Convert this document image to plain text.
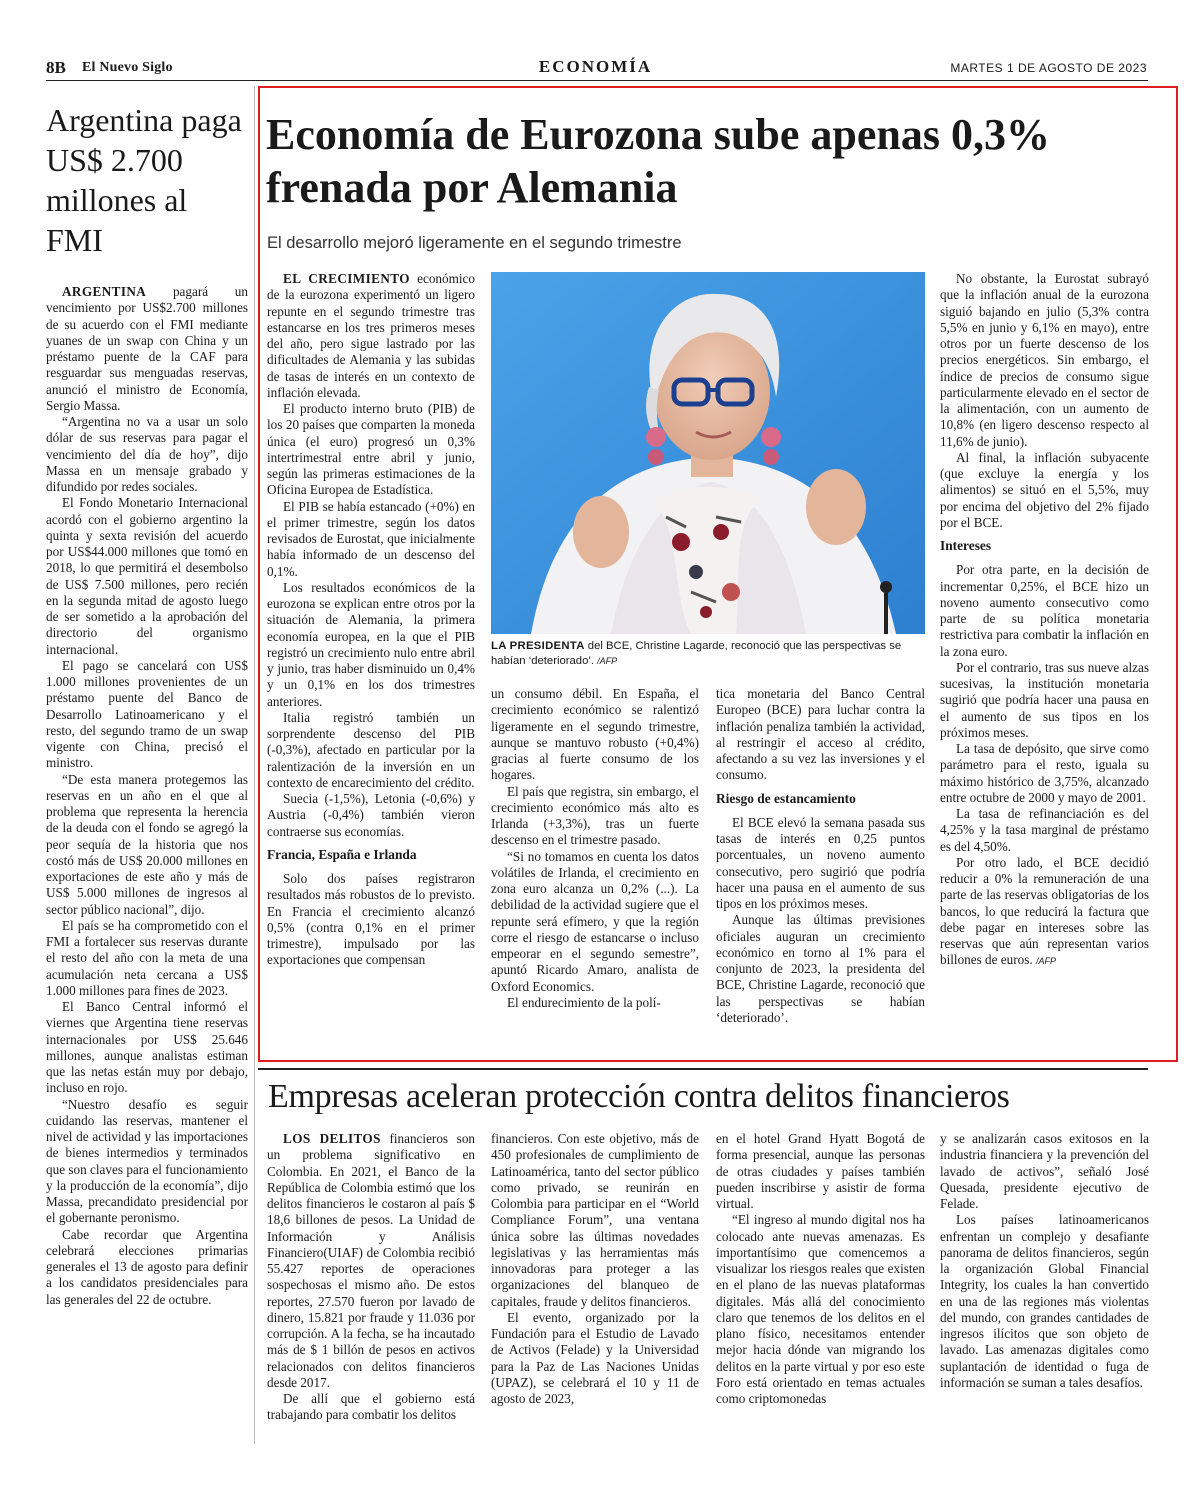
8B El Nuevo Siglo	ECONOMÍA	MARTES 1 DE AGOSTO DE 2023
Argentina paga US$ 2.700 millones al FMI

ARGENTINA pagará un vencimiento por US$2.700 millones de su acuerdo con el FMI mediante yuanes de un swap con China y un préstamo puente de la CAF para resguardar sus menguadas reservas, anunció el ministro de Economía, Sergio Massa.

“Argentina no va a usar un solo dólar de sus reservas para pagar el vencimiento del día de hoy”, dijo Massa en un mensaje grabado y difundido por redes sociales.

El Fondo Monetario Internacional acordó con el gobierno argentino la quinta y sexta revisión del acuerdo por US$44.000 millones que tomó en 2018, lo que permitirá el desembolso de US$ 7.500 millones, pero recién en la segunda mitad de agosto luego de ser sometido a la aprobación del directorio del organismo internacional.

El pago se cancelará con US$ 1.000 millones provenientes de un préstamo puente del Banco de Desarrollo Latinoamericano y el resto, del segundo tramo de un swap vigente con China, precisó el ministro.

“De esta manera protegemos las reservas en un año en el que al problema que representa la herencia de la deuda con el fondo se agregó la peor sequía de la historia que nos costó más de US$ 20.000 millones en exportaciones de este año y más de US$ 5.000 millones de ingresos al sector público nacional”, dijo.

El país se ha comprometido con el FMI a fortalecer sus reservas durante el resto del año con la meta de una acumulación neta cercana a US$ 1.000 millones para fines de 2023.

El Banco Central informó el viernes que Argentina tiene reservas internacionales por US$ 25.646 millones, aunque analistas estiman que las netas están muy por debajo, incluso en rojo.

“Nuestro desafío es seguir cuidando las reservas, mantener el nivel de actividad y las importaciones de bienes intermedios y terminados que son claves para el funcionamiento y la producción de la economía”, dijo Massa, precandidato presidencial por el gobernante peronismo.

Cabe recordar que Argentina celebrará elecciones primarias generales el 13 de agosto para definir a los candidatos presidenciales para las generales del 22 de octubre.

Economía de Eurozona sube apenas 0,3% frenada por Alemania
El desarrollo mejoró ligeramente en el segundo trimestre
LA PRESIDENTA del BCE, Christine Lagarde, reconoció que las perspectivas se habían ‘deteriorado’. /AFP

EL CRECIMIENTO económico de la eurozona experimentó un ligero repunte en el segundo trimestre tras estancarse en los tres primeros meses del año, pero sigue lastrado por las dificultades de Alemania y las subidas de tasas de interés en un contexto de inflación elevada.

El producto interno bruto (PIB) de los 20 países que comparten la moneda única (el euro) progresó un 0,3% intertrimestral entre abril y junio, según las primeras estimaciones de la Oficina Europea de Estadística.

El PIB se había estancado (+0%) en el primer trimestre, según los datos revisados de Eurostat, que inicialmente había informado de un descenso del 0,1%.

Los resultados económicos de la eurozona se explican entre otros por la situación de Alemania, la primera economía europea, en la que el PIB registró un crecimiento nulo entre abril y junio, tras haber disminuido un 0,4% y un 0,1% en los dos trimestres anteriores.

Italia registró también un sorprendente descenso del PIB (-0,3%), afectado en particular por la ralentización de la inversión en un contexto de encarecimiento del crédito.

Suecia (-1,5%), Letonia (-0,6%) y Austria (-0,4%) también vieron contraerse sus economías.

Francia, España e Irlanda

Solo dos países registraron resultados más robustos de lo previsto. En Francia el crecimiento alcanzó 0,5% (contra 0,1% en el primer trimestre), impulsado por las exportaciones que compensan

un consumo débil. En España, el crecimiento económico se ralentizó ligeramente en el segundo trimestre, aunque se mantuvo robusto (+0,4%) gracias al fuerte consumo de los hogares.

El país que registra, sin embargo, el crecimiento económico más alto es Irlanda (+3,3%), tras un fuerte descenso en el trimestre pasado.

“Si no tomamos en cuenta los datos volátiles de Irlanda, el crecimiento en zona euro alcanza un 0,2% (...). La debilidad de la actividad sugiere que el repunte será efímero, y que la región corre el riesgo de estancarse o incluso empeorar en el segundo semestre”, apuntó Ricardo Amaro, analista de Oxford Economics.

El endurecimiento de la polí-

tica monetaria del Banco Central Europeo (BCE) para luchar contra la inflación penaliza también la actividad, al restringir el acceso al crédito, afectando a su vez las inversiones y el consumo.

Riesgo de estancamiento

El BCE elevó la semana pasada sus tasas de interés en 0,25 puntos porcentuales, un noveno aumento consecutivo, pero sugirió que podría hacer una pausa en el aumento de sus tipos en los próximos meses.

Aunque las últimas previsiones oficiales auguran un crecimiento económico en torno al 1% para el conjunto de 2023, la presidenta del BCE, Christine Lagarde, reconoció que las perspectivas se habían ‘deteriorado’.

No obstante, la Eurostat subrayó que la inflación anual de la eurozona siguió bajando en julio (5,3% contra 5,5% en junio y 6,1% en mayo), entre otros por un fuerte descenso de los precios energéticos. Sin embargo, el índice de precios de consumo sigue particularmente elevado en el sector de la alimentación, con un aumento de 10,8% (en ligero descenso respecto al 11,6% de junio).

Al final, la inflación subyacente (que excluye la energía y los alimentos) se situó en el 5,5%, muy por encima del objetivo del 2% fijado por el BCE.

Intereses

Por otra parte, en la decisión de incrementar 0,25%, el BCE hizo un noveno aumento consecutivo como parte de su política monetaria restrictiva para combatir la inflación en la zona euro.

Por el contrario, tras sus nueve alzas sucesivas, la institución monetaria sugirió que podría hacer una pausa en el aumento de sus tipos en los próximos meses.

La tasa de depósito, que sirve como parámetro para el resto, iguala su máximo histórico de 3,75%, alcanzado entre octubre de 2000 y mayo de 2001.

La tasa de refinanciación es del 4,25% y la tasa marginal de préstamo es del 4,50%.

Por otro lado, el BCE decidió reducir a 0% la remuneración de una parte de las reservas obligatorias de los bancos, lo que reducirá la factura que debe pagar en intereses sobre las reservas que aún representan varios billones de euros. /AFP

Empresas aceleran protección contra delitos financieros

LOS DELITOS financieros son un problema significativo en Colombia. En 2021, el Banco de la República de Colombia estimó que los delitos financieros le costaron al país $ 18,6 billones de pesos. La Unidad de Información y Análisis Financiero(UIAF) de Colombia recibió 55.427 reportes de operaciones sospechosas el mismo año. De estos reportes, 27.570 fueron por lavado de dinero, 15.821 por fraude y 11.036 por corrupción. A la fecha, se ha incautado más de $ 1 billón de pesos en activos relacionados con delitos financieros desde 2017.

De allí que el gobierno está trabajando para combatir los delitos

financieros. Con este objetivo, más de 450 profesionales de cumplimiento de Latinoamérica, tanto del sector público como privado, se reunirán en Colombia para participar en el “World Compliance Forum”, una ventana única sobre las últimas novedades legislativas y las herramientas más innovadoras para proteger a las organizaciones del blanqueo de capitales, fraude y delitos financieros.

El evento, organizado por la Fundación para el Estudio de Lavado de Activos (Felade) y la Universidad para la Paz de Las Naciones Unidas (UPAZ), se celebrará el 10 y 11 de agosto de 2023,

en el hotel Grand Hyatt Bogotá de forma presencial, aunque las personas de otras ciudades y países también pueden inscribirse y asistir de forma virtual.

“El ingreso al mundo digital nos ha colocado ante nuevas amenazas. Es importantísimo que comencemos a visualizar los riesgos reales que existen en el plano de las nuevas plataformas digitales. Más allá del conocimiento claro que tenemos de los delitos en el plano físico, necesitamos entender mejor hacia dónde van migrando los delitos en la parte virtual y por eso este Foro está orientado en temas actuales como criptomonedas

y se analizarán casos exitosos en la industria financiera y la prevención del lavado de activos”, señaló José Quesada, presidente ejecutivo de Felade.

Los países latinoamericanos enfrentan un complejo y desafiante panorama de delitos financieros, según la organización Global Financial Integrity, los cuales la han convertido en una de las regiones más violentas del mundo, con grandes cantidades de ingresos ilícitos que son objeto de lavado. Las amenazas digitales como suplantación de identidad o fuga de información se suman a tales desafíos.
